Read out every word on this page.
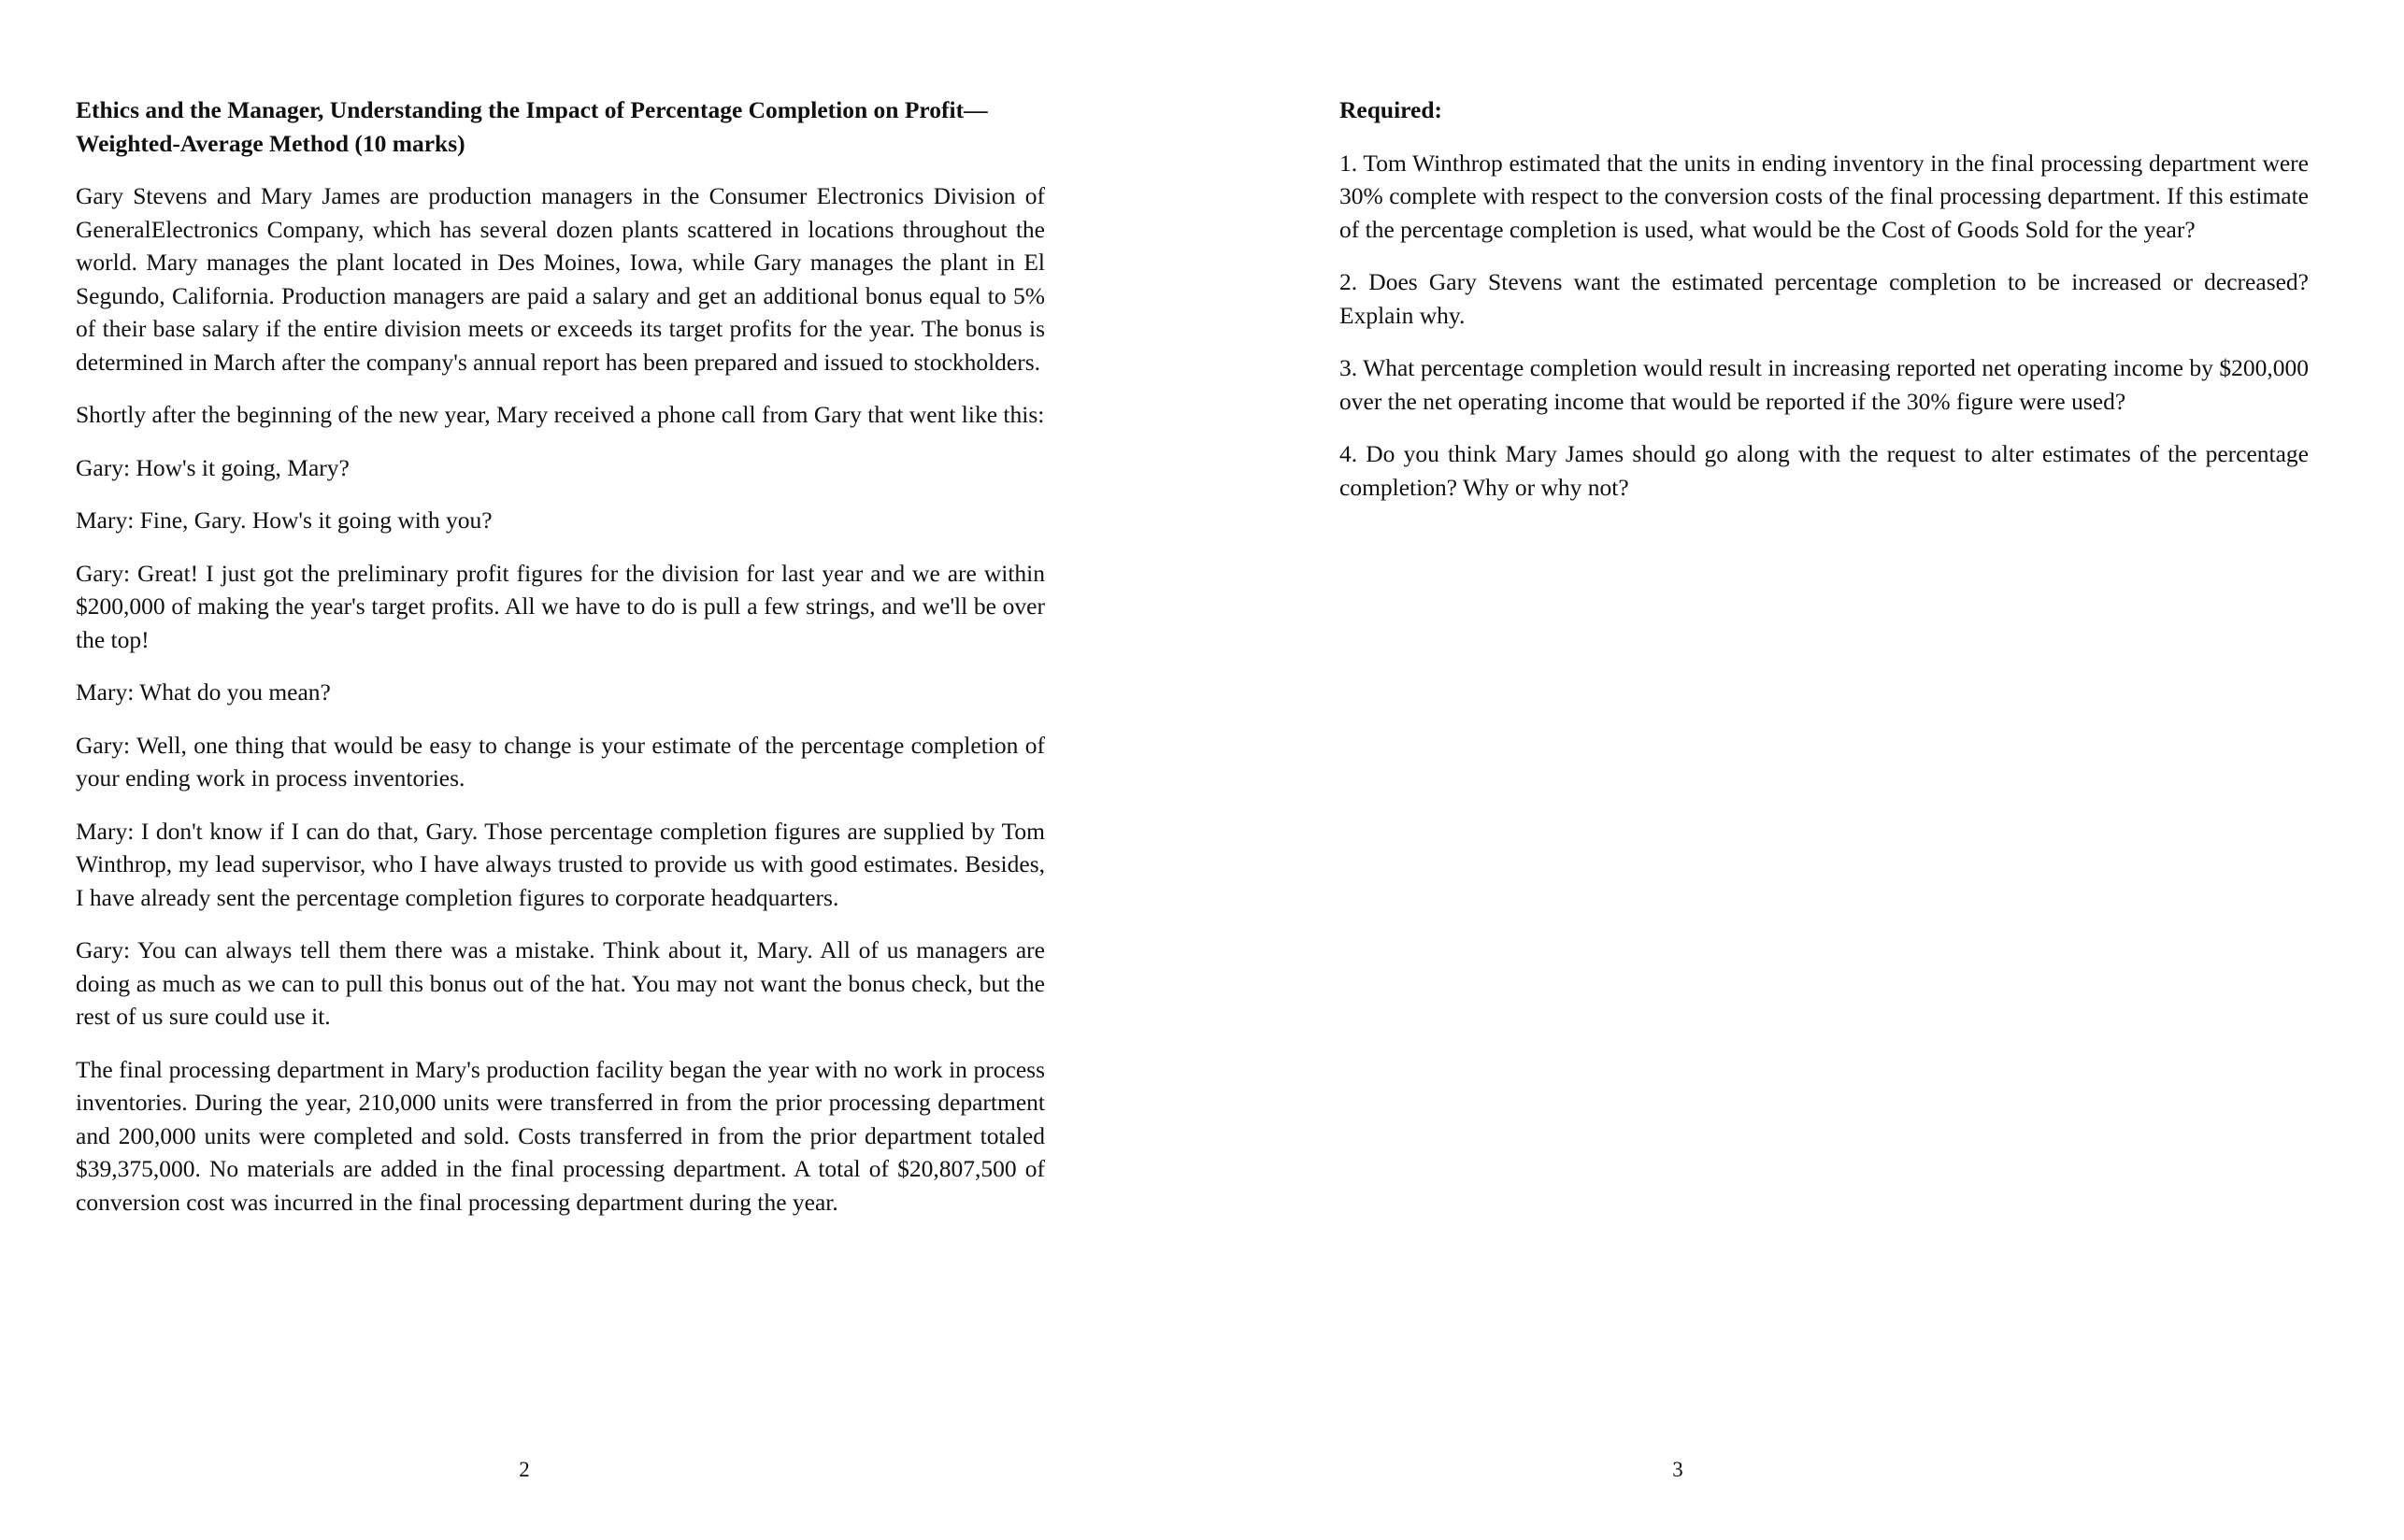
Ethics and the Manager, Understanding the Impact of Percentage Completion on Profit—Weighted-Average Method (10 marks)

Gary Stevens and Mary James are production managers in the Consumer Electronics Division of GeneralElectronics Company, which has several dozen plants scattered in locations throughout the world. Mary manages the plant located in Des Moines, Iowa, while Gary manages the plant in El Segundo, California. Production managers are paid a salary and get an additional bonus equal to 5% of their base salary if the entire division meets or exceeds its target profits for the year. The bonus is determined in March after the company's annual report has been prepared and issued to stockholders.

Shortly after the beginning of the new year, Mary received a phone call from Gary that went like this:

Gary: How's it going, Mary?

Mary: Fine, Gary. How's it going with you?

Gary: Great! I just got the preliminary profit figures for the division for last year and we are within $200,000 of making the year's target profits. All we have to do is pull a few strings, and we'll be over the top!

Mary: What do you mean?

Gary: Well, one thing that would be easy to change is your estimate of the percentage completion of your ending work in process inventories.

Mary: I don't know if I can do that, Gary. Those percentage completion figures are supplied by Tom Winthrop, my lead supervisor, who I have always trusted to provide us with good estimates. Besides, I have already sent the percentage completion figures to corporate headquarters.

Gary: You can always tell them there was a mistake. Think about it, Mary. All of us managers are doing as much as we can to pull this bonus out of the hat. You may not want the bonus check, but the rest of us sure could use it.

The final processing department in Mary's production facility began the year with no work in process inventories. During the year, 210,000 units were transferred in from the prior processing department and 200,000 units were completed and sold. Costs transferred in from the prior department totaled $39,375,000. No materials are added in the final processing department. A total of $20,807,500 of conversion cost was incurred in the final processing department during the year.

2

Required:

1. Tom Winthrop estimated that the units in ending inventory in the final processing department were 30% complete with respect to the conversion costs of the final processing department. If this estimate of the percentage completion is used, what would be the Cost of Goods Sold for the year?

2. Does Gary Stevens want the estimated percentage completion to be increased or decreased? Explain why.

3. What percentage completion would result in increasing reported net operating income by $200,000 over the net operating income that would be reported if the 30% figure were used?

4. Do you think Mary James should go along with the request to alter estimates of the percentage completion? Why or why not?

3
